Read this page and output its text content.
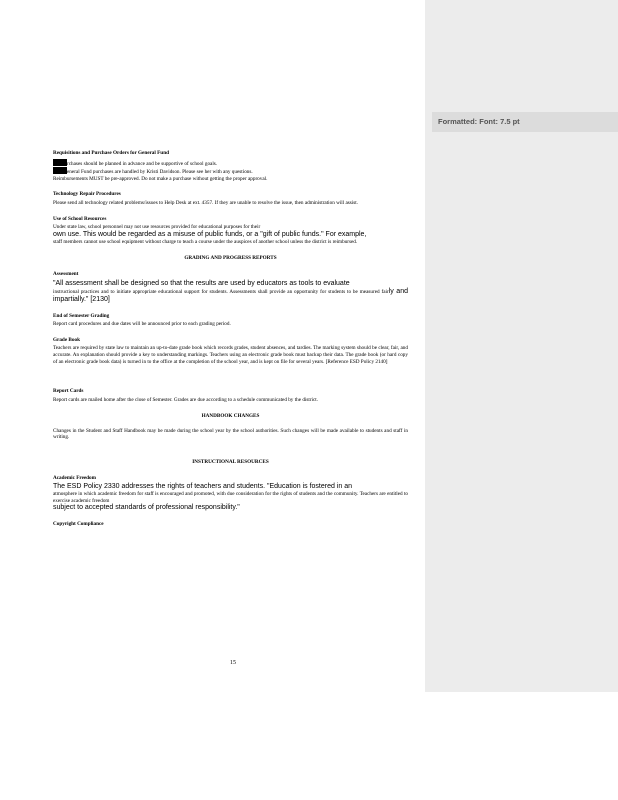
Requisitions and Purchase Orders for General Fund
rchases should be planned in advance and be supportive of school goals.
eneral Fund purchases are handled by Kristi Davidson. Please see her with any questions.
Reimbursements MUST be pre-approved. Do not make a purchase without getting the proper approval.
Technology Repair Procedures
Please send all technology related problems/issues to Help Desk at ext. 4357. If they are unable to resolve the issue, then administration will assist.
Use of School Resources
Under state law, school personnel may not use resources provided for educational purposes for their
own use. This would be regarded as a misuse of public funds, or a "gift of public funds." For example,
staff members cannot use school equipment without charge to teach a course under the auspices of another school unless the district is reimbursed.
GRADING AND PROGRESS REPORTS
Assessment
"All assessment shall be designed so that the results are used by educators as tools to evaluate
instructional practices and to initiate appropriate educational support for students. Assessments shall provide an opportunity for students to be measured fairly and impartially." [2130]
End of Semester Grading
Report card procedures and due dates will be announced prior to each grading period.
Grade Book
Teachers are required by state law to maintain an up-to-date grade book which records grades, student absences, and tardies. The marking system should be clear, fair, and accurate. An explanation should provide a key to understanding markings. Teachers using an electronic grade book must backup their data. The grade book (or hard copy of an electronic grade book data) is turned in to the office at the completion of the school year, and is kept on file for several years. [Reference ESD Policy 2140]
Report Cards
Report cards are mailed home after the close of Semester. Grades are due according to a schedule communicated by the district.
HANDBOOK CHANGES
Changes in the Student and Staff Handbook may be made during the school year by the school authorities. Such changes will be made available to students and staff in writing.
INSTRUCTIONAL RESOURCES
Academic Freedom
The ESD Policy 2330 addresses the rights of teachers and students. "Education is fostered in an
atmosphere in which academic freedom for staff is encouraged and promoted, with due consideration for the rights of students and the community. Teachers are entitled to exercise academic freedom
subject to accepted standards of professional responsibility."
Copyright Compliance
15
Formatted: Font: 7.5 pt
